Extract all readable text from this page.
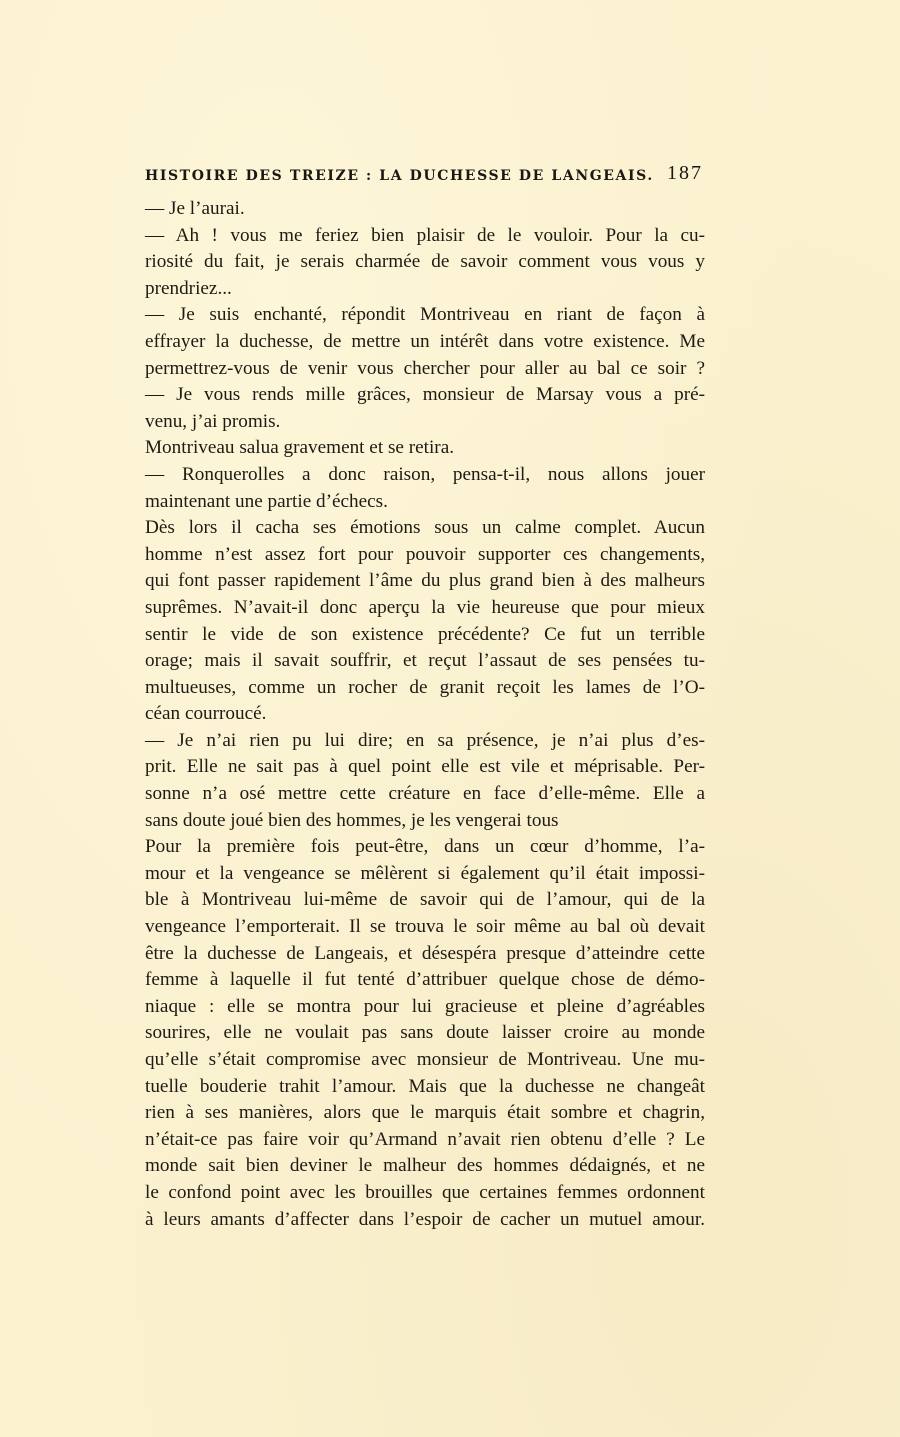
HISTOIRE DES TREIZE : LA DUCHESSE DE LANGEAIS. 187
— Je l’aurai.
— Ah ! vous me feriez bien plaisir de le vouloir. Pour la cu-
riosité du fait, je serais charmée de savoir comment vous vous y
prendriez...
— Je suis enchanté, répondit Montriveau en riant de façon à
effrayer la duchesse, de mettre un intérêt dans votre existence. Me
permettrez-vous de venir vous chercher pour aller au bal ce soir ?
— Je vous rends mille grâces, monsieur de Marsay vous a pré-
venu, j’ai promis.
Montriveau salua gravement et se retira.
— Ronquerolles a donc raison, pensa-t-il, nous allons jouer
maintenant une partie d’échecs.
Dès lors il cacha ses émotions sous un calme complet. Aucun
homme n’est assez fort pour pouvoir supporter ces changements,
qui font passer rapidement l’âme du plus grand bien à des malheurs
suprêmes. N’avait-il donc aperçu la vie heureuse que pour mieux
sentir le vide de son existence précédente? Ce fut un terrible
orage; mais il savait souffrir, et reçut l’assaut de ses pensées tu-
multueuses, comme un rocher de granit reçoit les lames de l’O-
céan courroucé.
— Je n’ai rien pu lui dire; en sa présence, je n’ai plus d’es-
prit. Elle ne sait pas à quel point elle est vile et méprisable. Per-
sonne n’a osé mettre cette créature en face d’elle-même. Elle a
sans doute joué bien des hommes, je les vengerai tous
Pour la première fois peut-être, dans un cœur d’homme, l’a-
mour et la vengeance se mêlèrent si également qu’il était impossi-
ble à Montriveau lui-même de savoir qui de l’amour, qui de la
vengeance l’emporterait. Il se trouva le soir même au bal où devait
être la duchesse de Langeais, et désespéra presque d’atteindre cette
femme à laquelle il fut tenté d’attribuer quelque chose de démo-
niaque : elle se montra pour lui gracieuse et pleine d’agréables
sourires, elle ne voulait pas sans doute laisser croire au monde
qu’elle s’était compromise avec monsieur de Montriveau. Une mu-
tuelle bouderie trahit l’amour. Mais que la duchesse ne changeât
rien à ses manières, alors que le marquis était sombre et chagrin,
n’était-ce pas faire voir qu’Armand n’avait rien obtenu d’elle ? Le
monde sait bien deviner le malheur des hommes dédaignés, et ne
le confond point avec les brouilles que certaines femmes ordonnent
à leurs amants d’affecter dans l’espoir de cacher un mutuel amour.
